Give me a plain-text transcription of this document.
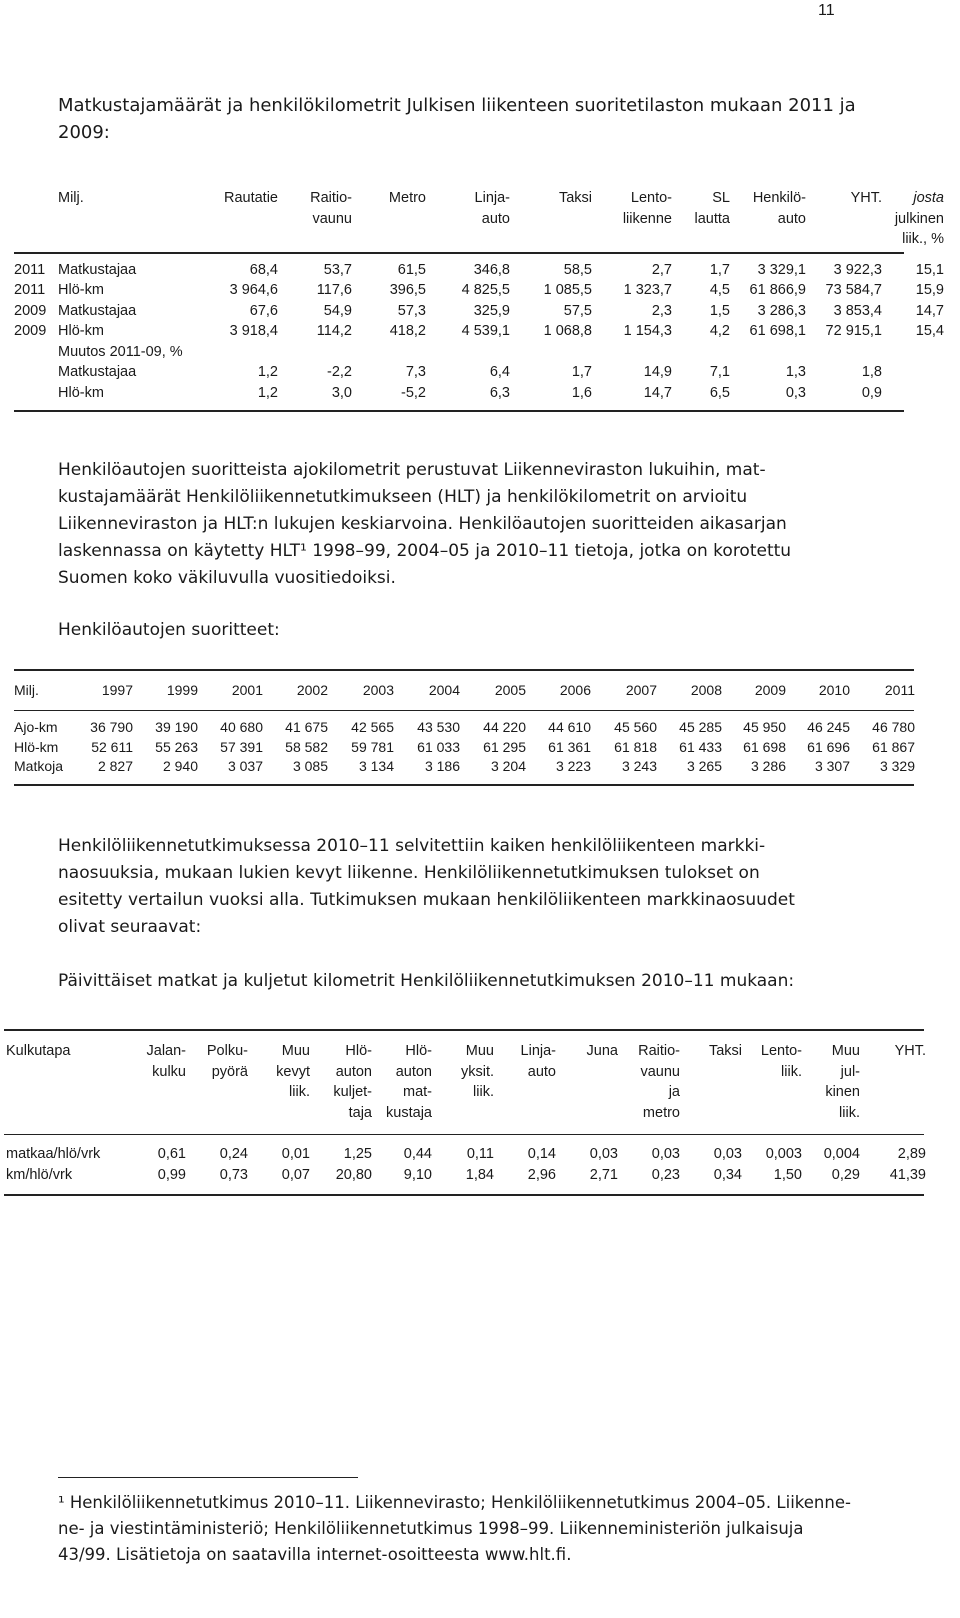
11
Matkustajamäärät ja henkilökilometrit Julkisen liikenteen suoritetilaston mukaan 2011 ja 2009:
	Milj.	Rautatie	Raitio-	Metro	Linja-	Taksi	Lento-	SL	Henkilö-	YHT.	josta
			vaunu		auto		liikenne	lautta	auto		julkinen
											liik., %

2011	Matkustajaa	68,4	53,7	61,5	346,8	58,5	2,7	1,7	3 329,1	3 922,3	15,1
2011	Hlö-km	3 964,6	117,6	396,5	4 825,5	1 085,5	1 323,7	4,5	61 866,9	73 584,7	15,9
2009	Matkustajaa	67,6	54,9	57,3	325,9	57,5	2,3	1,5	3 286,3	3 853,4	14,7
2009	Hlö-km	3 918,4	114,2	418,2	4 539,1	1 068,8	1 154,3	4,2	61 698,1	72 915,1	15,4
	Muutos 2011-09, %										
	Matkustajaa	1,2	-2,2	7,3	6,4	1,7	14,9	7,1	1,3	1,8	
	Hlö-km	1,2	3,0	-5,2	6,3	1,6	14,7	6,5	0,3	0,9	
Henkilöautojen suoritteista ajokilometrit perustuvat Liikenneviraston lukuihin, mat-
kustajamäärät Henkilöliikennetutkimukseen (HLT) ja henkilökilometrit on arvioitu
Liikenneviraston ja HLT:n lukujen keskiarvoina. Henkilöautojen suoritteiden aikasarjan
laskennassa on käytetty HLT¹ 1998–99, 2004–05 ja 2010–11 tietoja, jotka on korotettu
Suomen koko väkiluvulla vuositiedoiksi.
Henkilöautojen suoritteet:
Milj.	1997	1999	2001	2002	2003	2004	2005	2006	2007	2008	2009	2010	2011
Ajo-km	36 790	39 190	40 680	41 675	42 565	43 530	44 220	44 610	45 560	45 285	45 950	46 245	46 780
Hlö-km	52 611	55 263	57 391	58 582	59 781	61 033	61 295	61 361	61 818	61 433	61 698	61 696	61 867
Matkoja	2 827	2 940	3 037	3 085	3 134	3 186	3 204	3 223	3 243	3 265	3 286	3 307	3 329
Henkilöliikennetutkimuksessa 2010–11 selvitettiin kaiken henkilöliikenteen markki-
naosuuksia, mukaan lukien kevyt liikenne. Henkilöliikennetutkimuksen tulokset on
esitetty vertailun vuoksi alla. Tutkimuksen mukaan henkilöliikenteen markkinaosuudet
olivat seuraavat:
Päivittäiset matkat ja kuljetut kilometrit Henkilöliikennetutkimuksen 2010–11 mukaan:
Kulkutapa	Jalan-	Polku-	Muu	Hlö-	Hlö-	Muu	Linja-	Juna	Raitio-	Taksi	Lento-	Muu	YHT.
	kulku	pyörä	kevyt	auton	auton	yksit.	auto		vaunu		liik.	jul-	
			liik.	kuljet-	mat-	liik.			ja			kinen	
				taja	kustaja				metro			liik.	
matkaa/hlö/vrk	0,61	0,24	0,01	1,25	0,44	0,11	0,14	0,03	0,03	0,03	0,003	0,004	2,89
km/hlö/vrk	0,99	0,73	0,07	20,80	9,10	1,84	2,96	2,71	0,23	0,34	1,50	0,29	41,39
¹ Henkilöliikennetutkimus 2010–11. Liikennevirasto; Henkilöliikennetutkimus 2004–05. Liikenne-
ne- ja viestintäministeriö; Henkilöliikennetutkimus 1998–99. Liikenneministeriön julkaisuja
43/99. Lisätietoja on saatavilla internet-osoitteesta www.hlt.fi.
